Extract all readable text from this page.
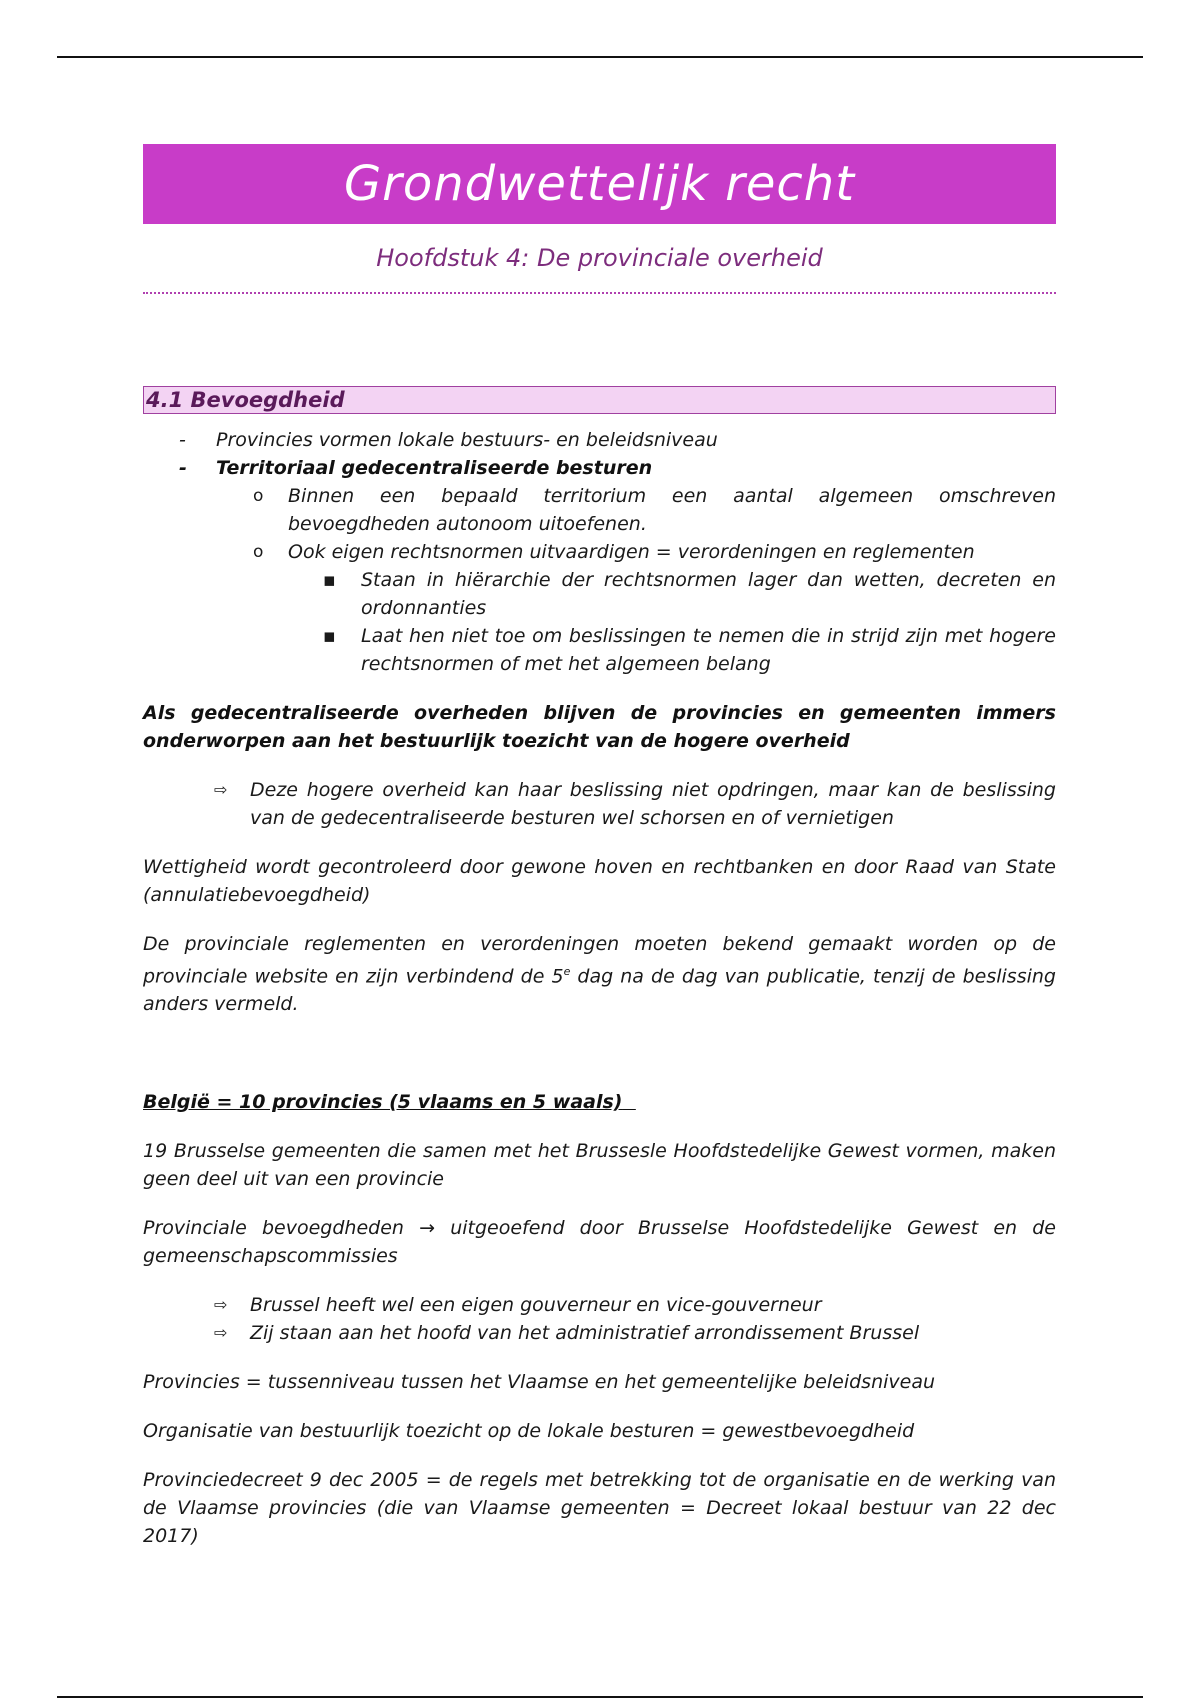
Grondwettelijk recht
Hoofdstuk 4: De provinciale overheid
4.1 Bevoegdheid
- Provincies vormen lokale bestuurs- en beleidsniveau
- Territoriaal gedecentraliseerde besturen
o Binnen een bepaald territorium een aantal algemeen omschreven bevoegdheden autonoom uitoefenen.
o Ook eigen rechtsnormen uitvaardigen = verordeningen en reglementen
▪ Staan in hiërarchie der rechtsnormen lager dan wetten, decreten en ordonnanties
▪ Laat hen niet toe om beslissingen te nemen die in strijd zijn met hogere rechtsnormen of met het algemeen belang
Als gedecentraliseerde overheden blijven de provincies en gemeenten immers onderworpen aan het bestuurlijk toezicht van de hogere overheid
⇨ Deze hogere overheid kan haar beslissing niet opdringen, maar kan de beslissing van de gedecentraliseerde besturen wel schorsen en of vernietigen
Wettigheid wordt gecontroleerd door gewone hoven en rechtbanken en door Raad van State (annulatiebevoegdheid)
De provinciale reglementen en verordeningen moeten bekend gemaakt worden op de provinciale website en zijn verbindend de 5e dag na de dag van publicatie, tenzij de beslissing anders vermeld.
België = 10 provincies (5 vlaams en 5 waals)
19 Brusselse gemeenten die samen met het Brussesle Hoofdstedelijke Gewest vormen, maken geen deel uit van een provincie
Provinciale bevoegdheden → uitgeoefend door Brusselse Hoofdstedelijke Gewest en de gemeenschapscommissies
⇨ Brussel heeft wel een eigen gouverneur en vice-gouverneur
⇨ Zij staan aan het hoofd van het administratief arrondissement Brussel
Provincies = tussenniveau tussen het Vlaamse en het gemeentelijke beleidsniveau
Organisatie van bestuurlijk toezicht op de lokale besturen = gewestbevoegdheid
Provinciedecreet 9 dec 2005 = de regels met betrekking tot de organisatie en de werking van de Vlaamse provincies (die van Vlaamse gemeenten = Decreet lokaal bestuur van 22 dec 2017)
